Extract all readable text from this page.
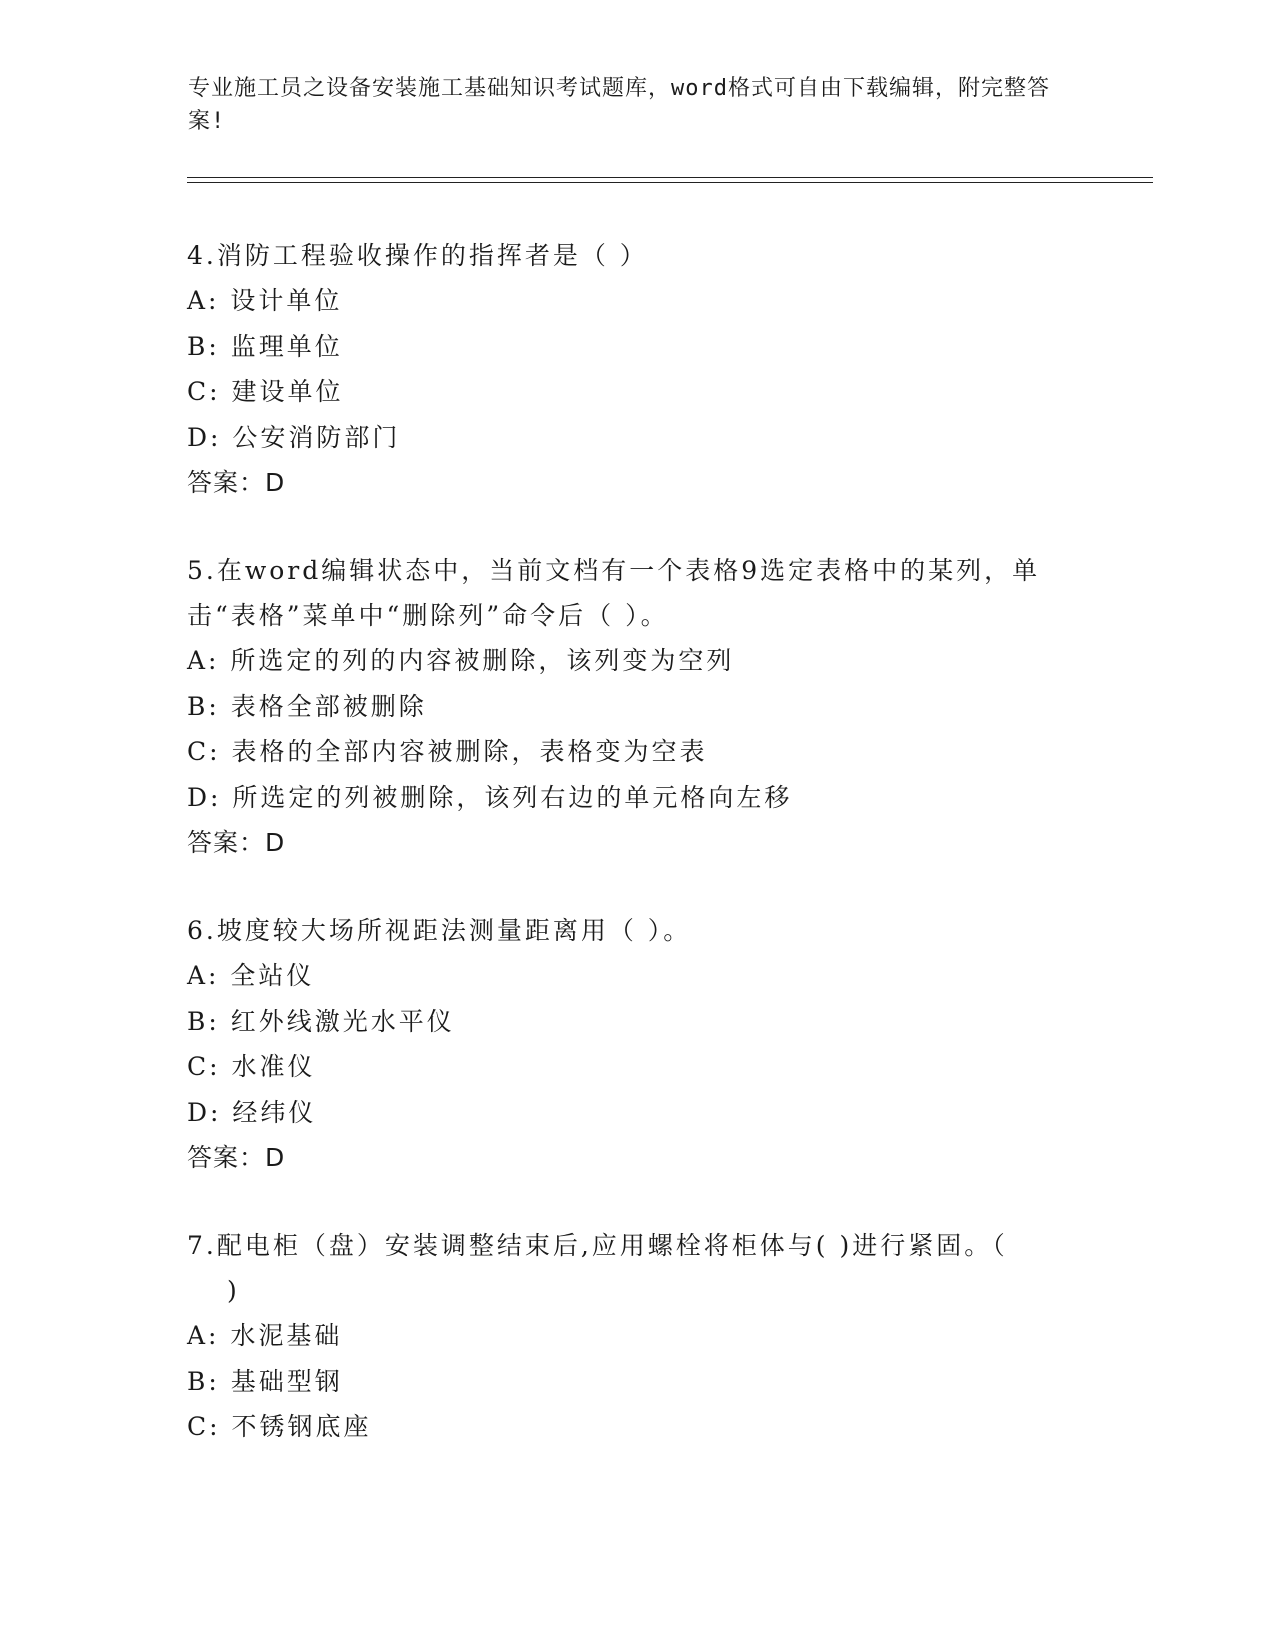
专业施工员之设备安装施工基础知识考试题库，word格式可自由下载编辑，附完整答案!
4.消防工程验收操作的指挥者是（ ）
A: 设计单位
B: 监理单位
C: 建设单位
D: 公安消防部门
答案：D
5.在word编辑状态中，当前文档有一个表格9选定表格中的某列，单击“表格”菜单中“删除列”命令后（ ）。
A: 所选定的列的内容被删除，该列变为空列
B: 表格全部被删除
C: 表格的全部内容被删除，表格变为空表
D: 所选定的列被删除，该列右边的单元格向左移
答案：D
6.坡度较大场所视距法测量距离用（ ）。
A: 全站仪
B: 红外线激光水平仪
C: 水准仪
D: 经纬仪
答案：D
7.配电柜（盘）安装调整结束后,应用螺栓将柜体与( )进行紧固。（
)
A: 水泥基础
B: 基础型钢
C: 不锈钢底座
